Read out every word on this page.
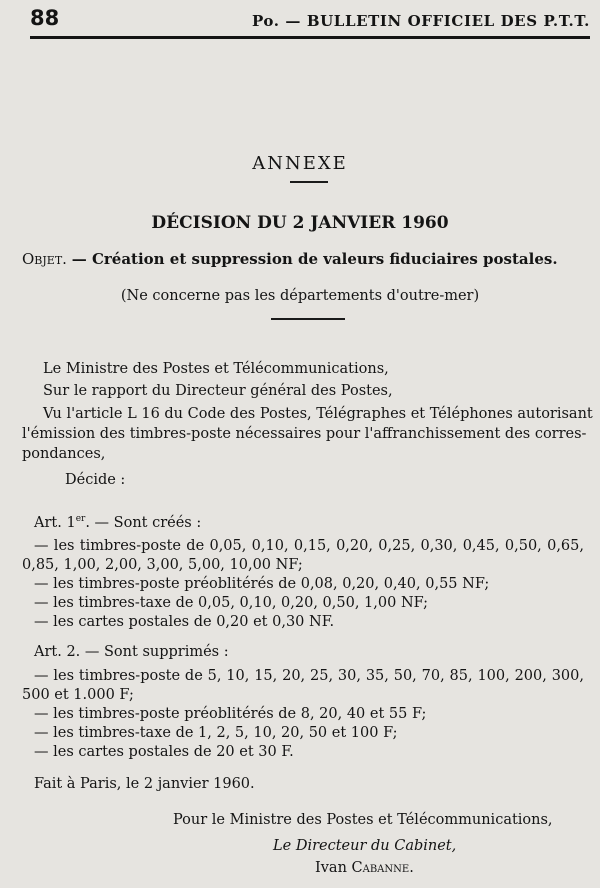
88	Po. — BULLETIN OFFICIEL DES P.T.T.
ANNEXE
DÉCISION DU 2 JANVIER 1960
Objet. — Création et suppression de valeurs fiduciaires postales.
(Ne concerne pas les départements d'outre-mer)
Le Ministre des Postes et Télécommunications,
Sur le rapport du Directeur général des Postes,
Vu l'article L 16 du Code des Postes, Télégraphes et Téléphones autorisant
l'émission des timbres-poste nécessaires pour l'affranchissement des corres-
pondances,
Décide :
Art. 1er. — Sont créés :
— les timbres-poste de 0,05, 0,10, 0,15, 0,20, 0,25, 0,30, 0,45, 0,50, 0,65,
0,85, 1,00, 2,00, 3,00, 5,00, 10,00 NF;
— les timbres-poste préoblitérés de 0,08, 0,20, 0,40, 0,55 NF;
— les timbres-taxe de 0,05, 0,10, 0,20, 0,50, 1,00 NF;
— les cartes postales de 0,20 et 0,30 NF.
Art. 2. — Sont supprimés :
— les timbres-poste de 5, 10, 15, 20, 25, 30, 35, 50, 70, 85, 100, 200, 300,
500 et 1.000 F;
— les timbres-poste préoblitérés de 8, 20, 40 et 55 F;
— les timbres-taxe de 1, 2, 5, 10, 20, 50 et 100 F;
— les cartes postales de 20 et 30 F.
Fait à Paris, le 2 janvier 1960.
Pour le Ministre des Postes et Télécommunications,
Le Directeur du Cabinet,
Ivan Cabanne.
